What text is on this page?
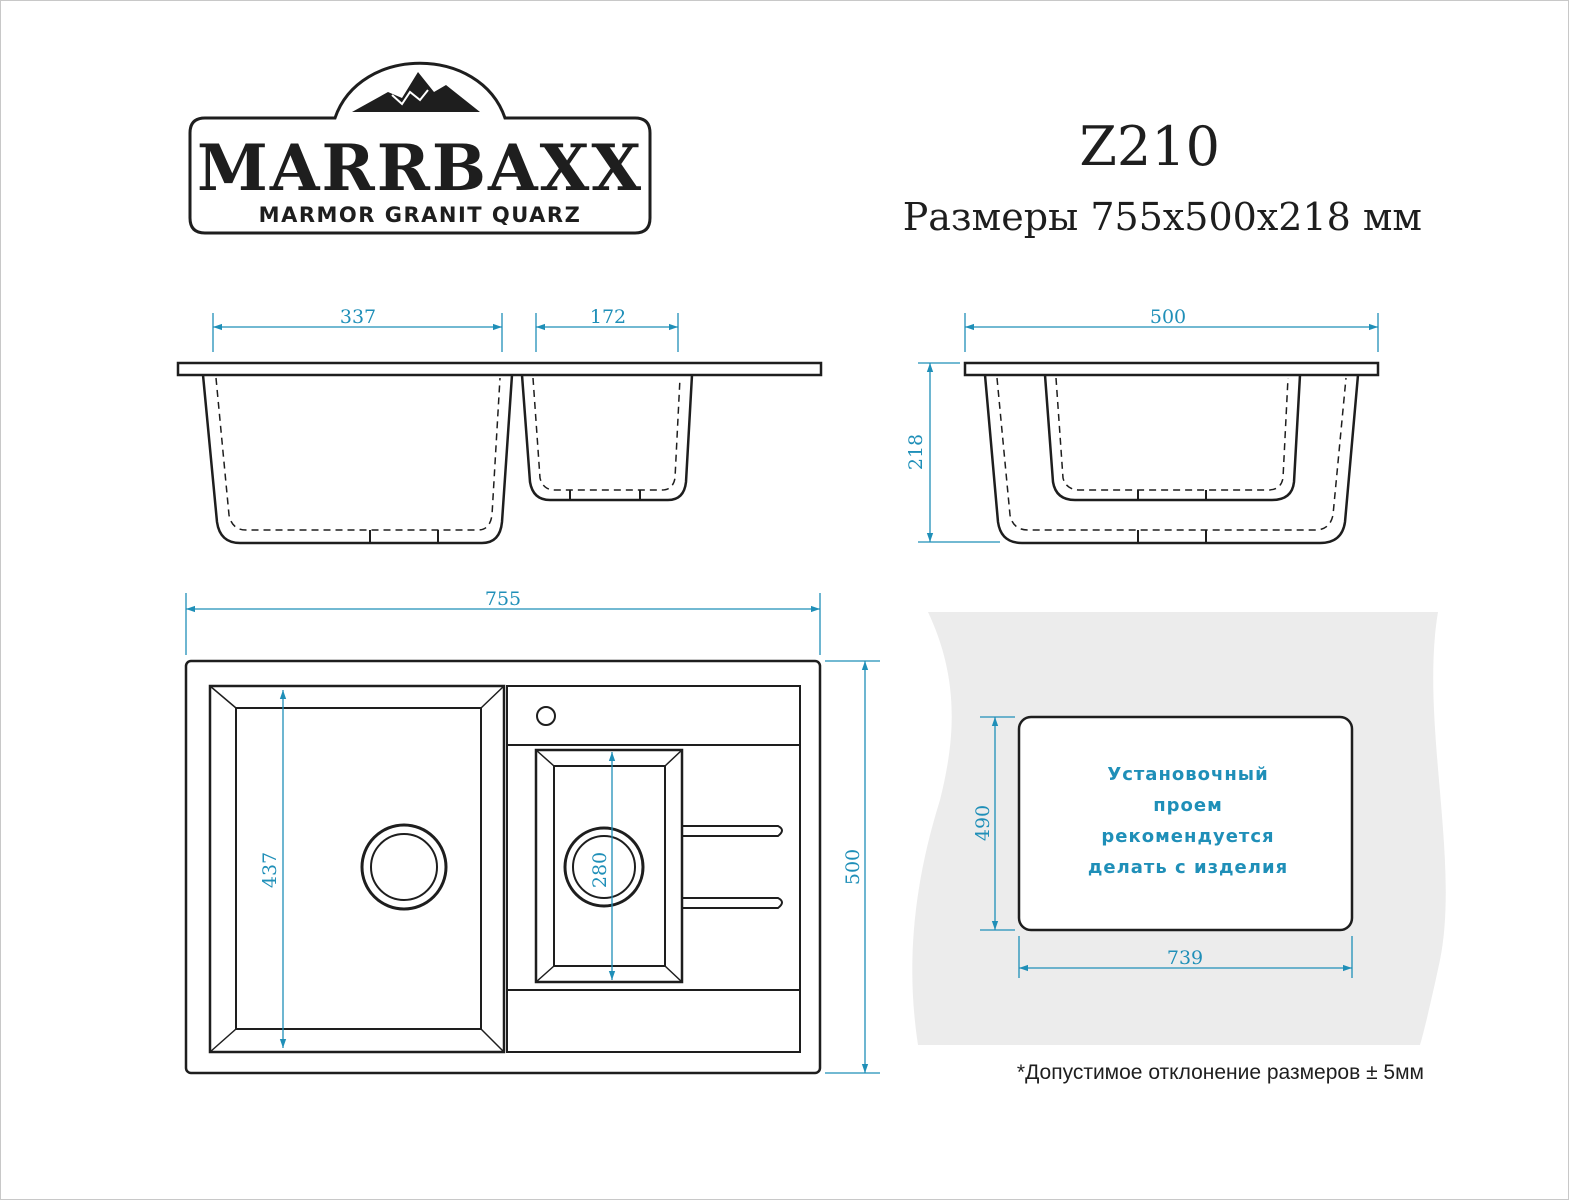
MARRBAXX
MARMOR GRANIT QUARZ
Z210
Размеры 755x500x218 мм
337	172	500
218
755
500
437	280
490
739
Установочный
проем
рекомендуется
делать с изделия
*Допустимое отклонение размеров ± 5мм
